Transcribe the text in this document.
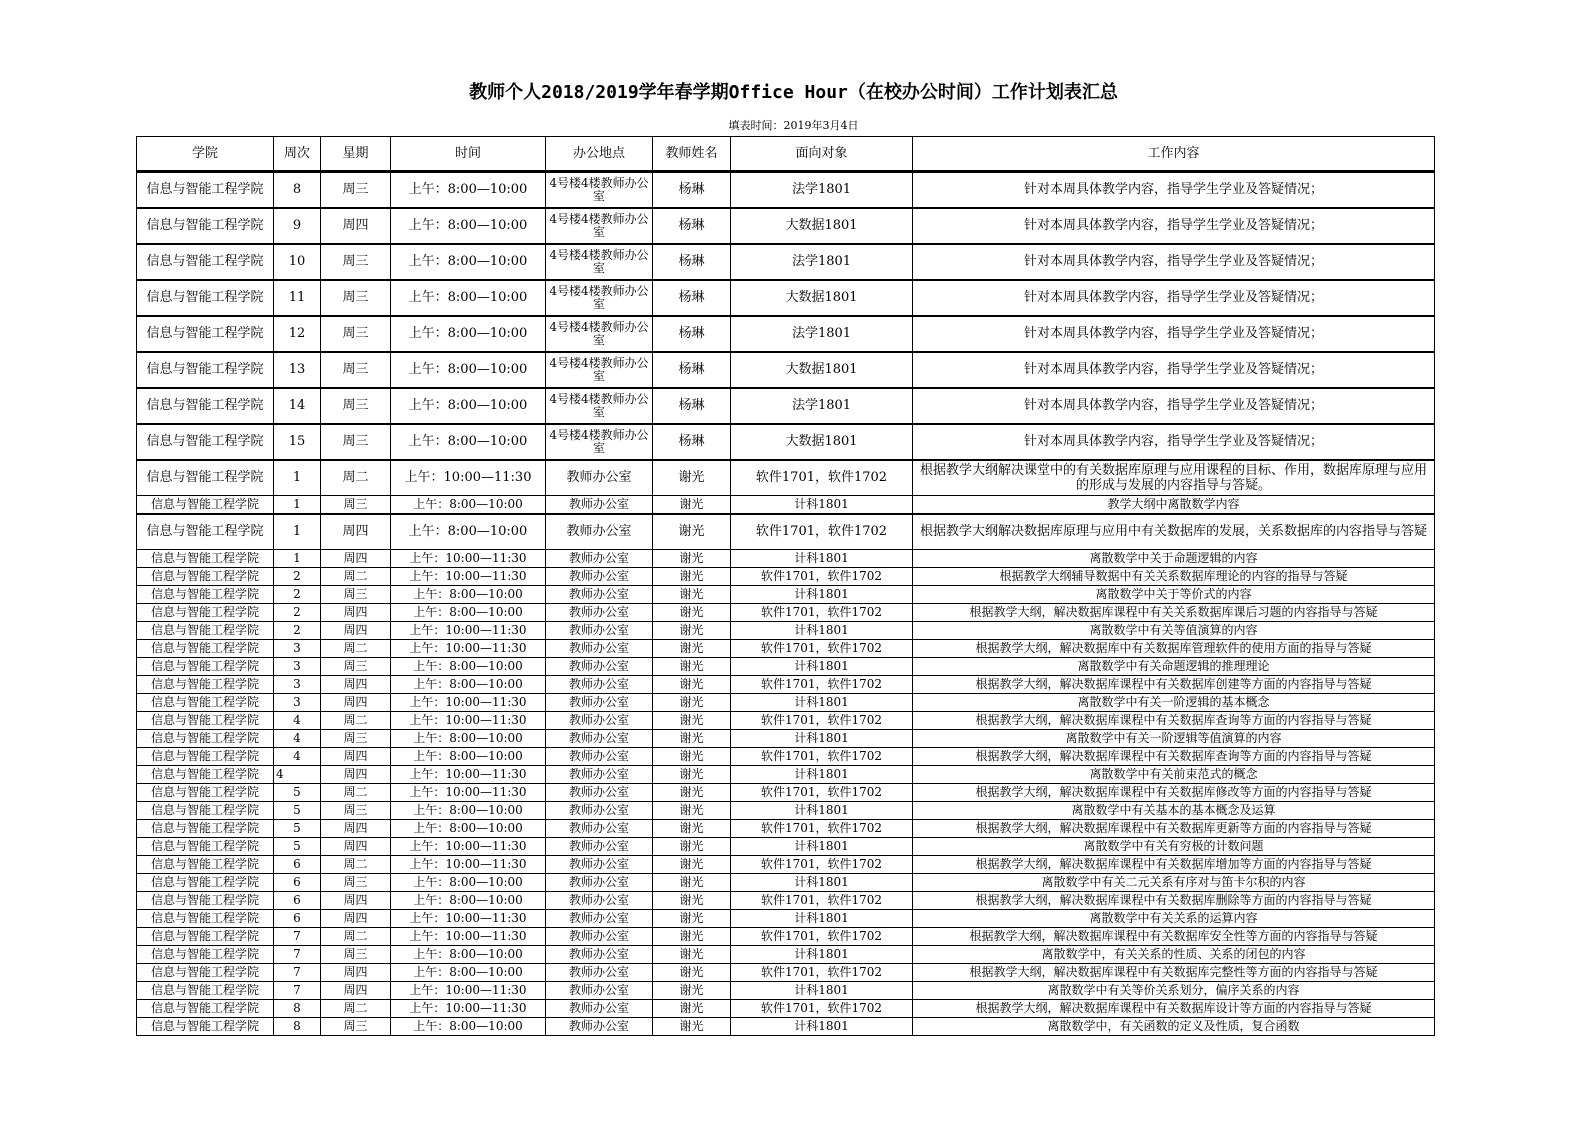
教师个人2018/2019学年春学期Office Hour（在校办公时间）工作计划表汇总
填表时间：2019年3月4日
学院	周次	星期	时间	办公地点	教师姓名	面向对象	工作内容
信息与智能工程学院	8	周三	上午：8:00—10:00	4号楼4楼教师办公室	杨琳	法学1801	针对本周具体教学内容，指导学生学业及答疑情况；
信息与智能工程学院	9	周四	上午：8:00—10:00	4号楼4楼教师办公室	杨琳	大数据1801	针对本周具体教学内容，指导学生学业及答疑情况；
信息与智能工程学院	10	周三	上午：8:00—10:00	4号楼4楼教师办公室	杨琳	法学1801	针对本周具体教学内容，指导学生学业及答疑情况；
信息与智能工程学院	11	周三	上午：8:00—10:00	4号楼4楼教师办公室	杨琳	大数据1801	针对本周具体教学内容，指导学生学业及答疑情况；
信息与智能工程学院	12	周三	上午：8:00—10:00	4号楼4楼教师办公室	杨琳	法学1801	针对本周具体教学内容，指导学生学业及答疑情况；
信息与智能工程学院	13	周三	上午：8:00—10:00	4号楼4楼教师办公室	杨琳	大数据1801	针对本周具体教学内容，指导学生学业及答疑情况；
信息与智能工程学院	14	周三	上午：8:00—10:00	4号楼4楼教师办公室	杨琳	法学1801	针对本周具体教学内容，指导学生学业及答疑情况；
信息与智能工程学院	15	周三	上午：8:00—10:00	4号楼4楼教师办公室	杨琳	大数据1801	针对本周具体教学内容，指导学生学业及答疑情况；
信息与智能工程学院	1	周二	上午：10:00—11:30	教师办公室	谢光	软件1701，软件1702	根据教学大纲解决课堂中的有关数据库原理与应用课程的目标、作用，数据库原理与应用的形成与发展的内容指导与答疑。
信息与智能工程学院	1	周三	上午：8:00—10:00	教师办公室	谢光	计科1801	教学大纲中离散数学内容
信息与智能工程学院	1	周四	上午：8:00—10:00	教师办公室	谢光	软件1701，软件1702	根据教学大纲解决数据库原理与应用中有关数据库的发展，关系数据库的内容指导与答疑
信息与智能工程学院	1	周四	上午：10:00—11:30	教师办公室	谢光	计科1801	离散数学中关于命题逻辑的内容
信息与智能工程学院	2	周二	上午：10:00—11:30	教师办公室	谢光	软件1701，软件1702	根据教学大纲辅导数据中有关关系数据库理论的内容的指导与答疑
信息与智能工程学院	2	周三	上午：8:00—10:00	教师办公室	谢光	计科1801	离散数学中关于等价式的内容
信息与智能工程学院	2	周四	上午：8:00—10:00	教师办公室	谢光	软件1701，软件1702	根据教学大纲，解决数据库课程中有关关系数据库课后习题的内容指导与答疑
信息与智能工程学院	2	周四	上午：10:00—11:30	教师办公室	谢光	计科1801	离散数学中有关等值演算的内容
信息与智能工程学院	3	周二	上午：10:00—11:30	教师办公室	谢光	软件1701，软件1702	根据教学大纲，解决数据库中有关数据库管理软件的使用方面的指导与答疑
信息与智能工程学院	3	周三	上午：8:00—10:00	教师办公室	谢光	计科1801	离散数学中有关命题逻辑的推理理论
信息与智能工程学院	3	周四	上午：8:00—10:00	教师办公室	谢光	软件1701，软件1702	根据教学大纲，解决数据库课程中有关数据库创建等方面的内容指导与答疑
信息与智能工程学院	3	周四	上午：10:00—11:30	教师办公室	谢光	计科1801	离散数学中有关一阶逻辑的基本概念
信息与智能工程学院	4	周二	上午：10:00—11:30	教师办公室	谢光	软件1701，软件1702	根据教学大纲，解决数据库课程中有关数据库查询等方面的内容指导与答疑
信息与智能工程学院	4	周三	上午：8:00—10:00	教师办公室	谢光	计科1801	离散数学中有关一阶逻辑等值演算的内容
信息与智能工程学院	4	周四	上午：8:00—10:00	教师办公室	谢光	软件1701，软件1702	根据教学大纲，解决数据库课程中有关数据库查询等方面的内容指导与答疑
信息与智能工程学院	4	周四	上午：10:00—11:30	教师办公室	谢光	计科1801	离散数学中有关前束范式的概念
信息与智能工程学院	5	周二	上午：10:00—11:30	教师办公室	谢光	软件1701，软件1702	根据教学大纲，解决数据库课程中有关数据库修改等方面的内容指导与答疑
信息与智能工程学院	5	周三	上午：8:00—10:00	教师办公室	谢光	计科1801	离散数学中有关基本的基本概念及运算
信息与智能工程学院	5	周四	上午：8:00—10:00	教师办公室	谢光	软件1701，软件1702	根据教学大纲，解决数据库课程中有关数据库更新等方面的内容指导与答疑
信息与智能工程学院	5	周四	上午：10:00—11:30	教师办公室	谢光	计科1801	离散数学中有关有穷极的计数问题
信息与智能工程学院	6	周二	上午：10:00—11:30	教师办公室	谢光	软件1701，软件1702	根据教学大纲，解决数据库课程中有关数据库增加等方面的内容指导与答疑
信息与智能工程学院	6	周三	上午：8:00—10:00	教师办公室	谢光	计科1801	离散数学中有关二元关系有序对与笛卡尔积的内容
信息与智能工程学院	6	周四	上午：8:00—10:00	教师办公室	谢光	软件1701，软件1702	根据教学大纲，解决数据库课程中有关数据库删除等方面的内容指导与答疑
信息与智能工程学院	6	周四	上午：10:00—11:30	教师办公室	谢光	计科1801	离散数学中有关关系的运算内容
信息与智能工程学院	7	周二	上午：10:00—11:30	教师办公室	谢光	软件1701，软件1702	根据教学大纲，解决数据库课程中有关数据库安全性等方面的内容指导与答疑
信息与智能工程学院	7	周三	上午：8:00—10:00	教师办公室	谢光	计科1801	离散数学中，有关关系的性质、关系的闭包的内容
信息与智能工程学院	7	周四	上午：8:00—10:00	教师办公室	谢光	软件1701，软件1702	根据教学大纲，解决数据库课程中有关数据库完整性等方面的内容指导与答疑
信息与智能工程学院	7	周四	上午：10:00—11:30	教师办公室	谢光	计科1801	离散数学中有关等价关系划分，偏序关系的内容
信息与智能工程学院	8	周二	上午：10:00—11:30	教师办公室	谢光	软件1701，软件1702	根据教学大纲，解决数据库课程中有关数据库设计等方面的内容指导与答疑
信息与智能工程学院	8	周三	上午：8:00—10:00	教师办公室	谢光	计科1801	离散数学中，有关函数的定义及性质，复合函数
